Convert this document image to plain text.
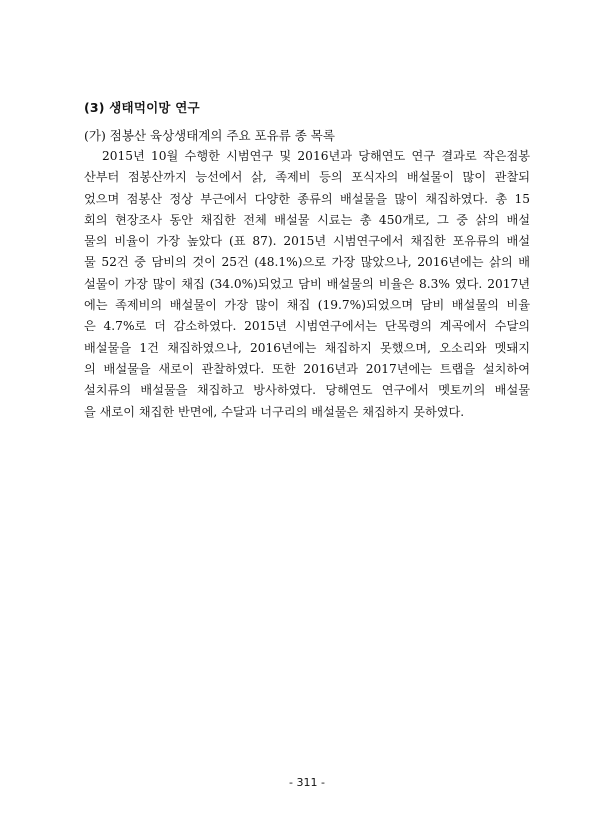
(3) 생태먹이망 연구
(가) 점봉산 육상생태계의 주요 포유류 종 목록
2015년 10월 수행한 시범연구 및 2016년과 당해연도 연구 결과로 작은점봉
산부터 점봉산까지 능선에서 삵, 족제비 등의 포식자의 배설물이 많이 관찰되
었으며 점봉산 정상 부근에서 다양한 종류의 배설물을 많이 채집하였다. 총 15
회의 현장조사 동안 채집한 전체 배설물 시료는 총 450개로, 그 중 삵의 배설
물의 비율이 가장 높았다 (표 87). 2015년 시범연구에서 채집한 포유류의 배설
물 52건 중 담비의 것이 25건 (48.1%)으로 가장 많았으나, 2016년에는 삵의 배
설물이 가장 많이 채집 (34.0%)되었고 담비 배설물의 비율은 8.3% 였다. 2017년
에는 족제비의 배설물이 가장 많이 채집 (19.7%)되었으며 담비 배설물의 비율
은 4.7%로 더 감소하였다. 2015년 시범연구에서는 단목령의 계곡에서 수달의
배설물을 1건 채집하였으나, 2016년에는 채집하지 못했으며, 오소리와 멧돼지
의 배설물을 새로이 관찰하였다. 또한 2016년과 2017년에는 트랩을 설치하여
설치류의 배설물을 채집하고 방사하였다. 당해연도 연구에서 멧토끼의 배설물
을 새로이 채집한 반면에, 수달과 너구리의 배설물은 채집하지 못하였다.
- 311 -
